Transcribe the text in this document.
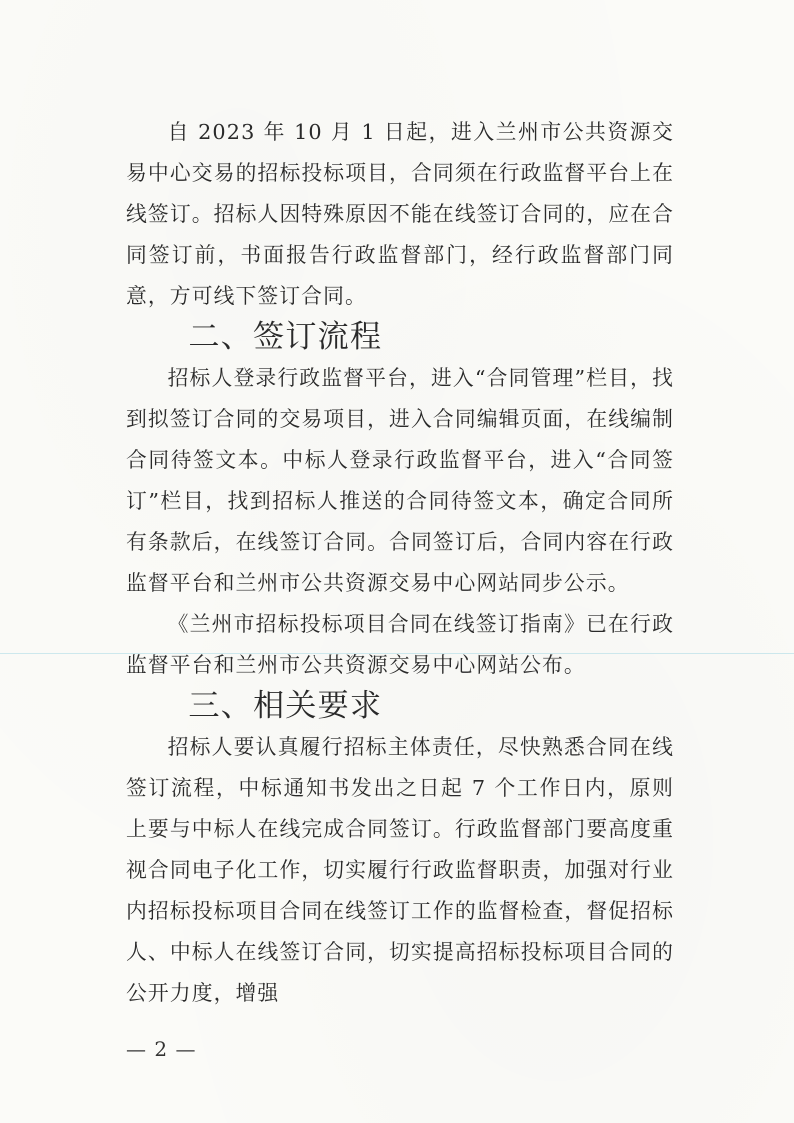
自 2023 年 10 月 1 日起，进入兰州市公共资源交易中心交易的招标投标项目，合同须在行政监督平台上在线签订。招标人因特殊原因不能在线签订合同的，应在合同签订前，书面报告行政监督部门，经行政监督部门同意，方可线下签订合同。

二、签订流程

招标人登录行政监督平台，进入“合同管理”栏目，找到拟签订合同的交易项目，进入合同编辑页面，在线编制合同待签文本。中标人登录行政监督平台，进入“合同签订”栏目，找到招标人推送的合同待签文本，确定合同所有条款后，在线签订合同。合同签订后，合同内容在行政监督平台和兰州市公共资源交易中心网站同步公示。

《兰州市招标投标项目合同在线签订指南》已在行政监督平台和兰州市公共资源交易中心网站公布。

三、相关要求

招标人要认真履行招标主体责任，尽快熟悉合同在线签订流程，中标通知书发出之日起 7 个工作日内，原则上要与中标人在线完成合同签订。行政监督部门要高度重视合同电子化工作，切实履行行政监督职责，加强对行业内招标投标项目合同在线签订工作的监督检查，督促招标人、中标人在线签订合同，切实提高招标投标项目合同的公开力度，增强

— 2 —
